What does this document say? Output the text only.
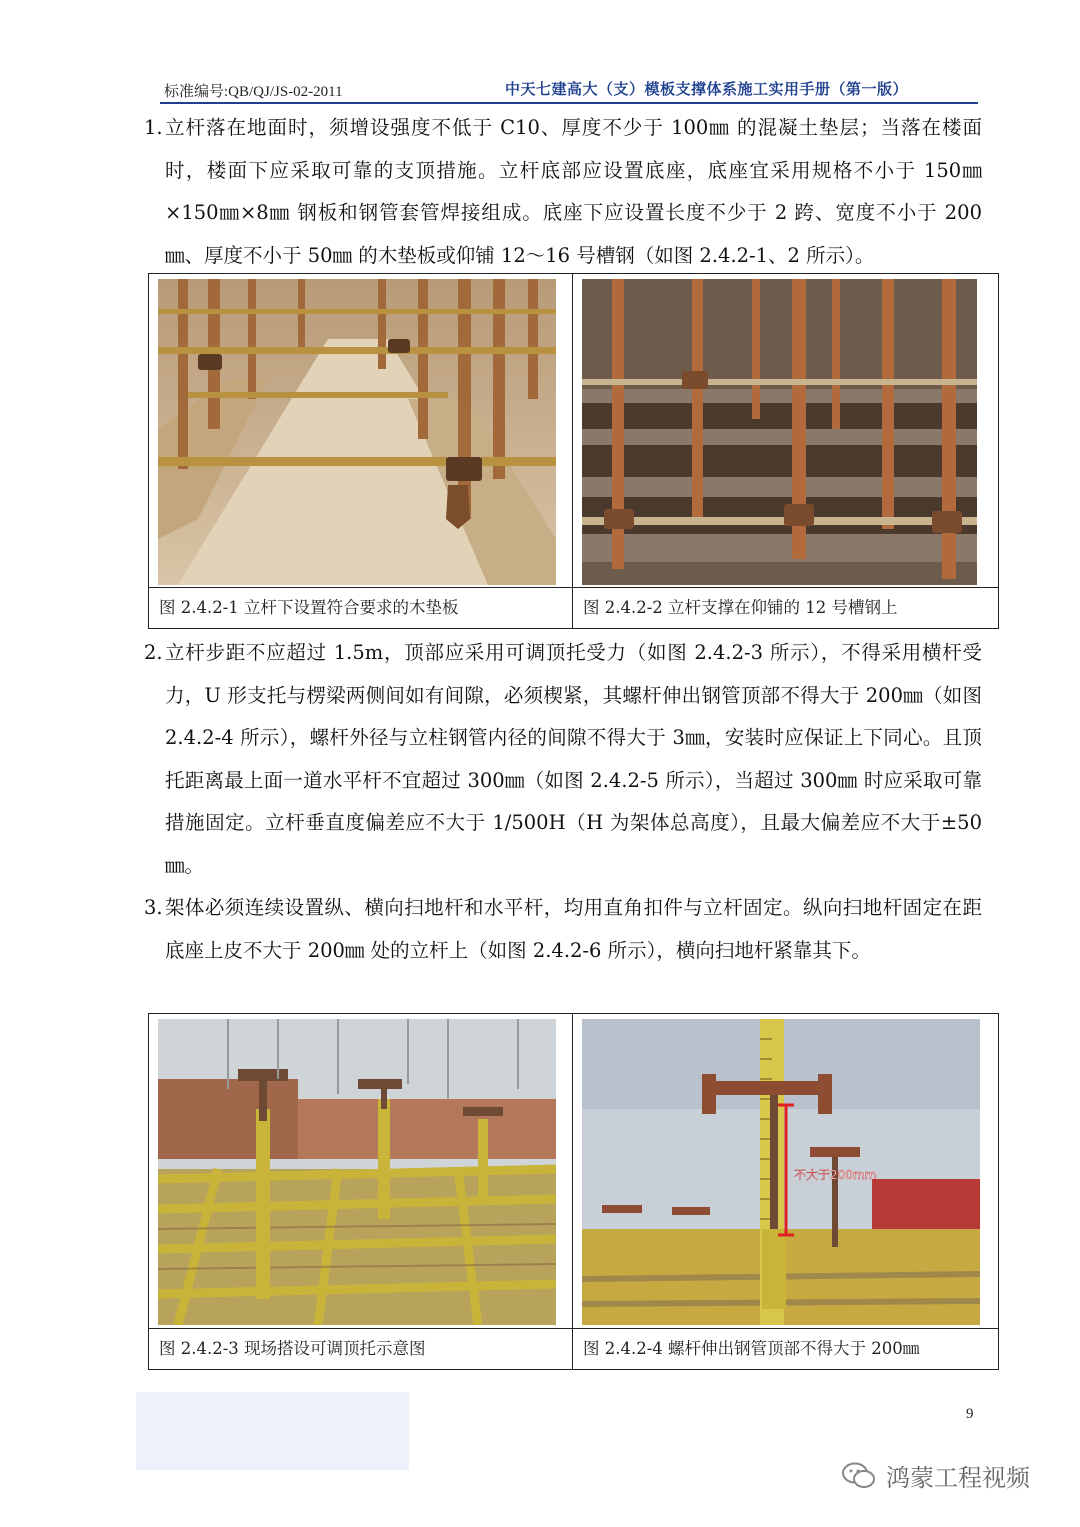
标准编号:QB/QJ/JS-02-2011	中天七建高大（支）模板支撑体系施工实用手册（第一版）
1. 立杆落在地面时，须增设强度不低于 C10、厚度不少于 100㎜ 的混凝土垫层；当落在楼面时，楼面下应采取可靠的支顶措施。立杆底部应设置底座，底座宜采用规格不小于 150㎜×150㎜×8㎜ 钢板和钢管套管焊接组成。底座下应设置长度不少于 2 跨、宽度不小于 200㎜、厚度不小于 50㎜ 的木垫板或仰铺 12～16 号槽钢（如图 2.4.2-1、2 所示）。

图 2.4.2-1 立杆下设置符合要求的木垫板	图 2.4.2-2 立杆支撑在仰铺的 12 号槽钢上
2. 立杆步距不应超过 1.5m，顶部应采用可调顶托受力（如图 2.4.2-3 所示），不得采用横杆受力，U 形支托与楞梁两侧间如有间隙，必须楔紧，其螺杆伸出钢管顶部不得大于 200㎜（如图 2.4.2-4 所示），螺杆外径与立柱钢管内径的间隙不得大于 3㎜，安装时应保证上下同心。且顶托距离最上面一道水平杆不宜超过 300㎜（如图 2.4.2-5 所示），当超过 300㎜ 时应采取可靠措施固定。立杆垂直度偏差应不大于 1/500H（H 为架体总高度），且最大偏差应不大于±50㎜。
3. 架体必须连续设置纵、横向扫地杆和水平杆，均用直角扣件与立杆固定。纵向扫地杆固定在距底座上皮不大于 200㎜ 处的立杆上（如图 2.4.2-6 所示），横向扫地杆紧靠其下。

不大于200mm

图 2.4.2-3 现场搭设可调顶托示意图	图 2.4.2-4 螺杆伸出钢管顶部不得大于 200㎜
9
鸿蒙工程视频
